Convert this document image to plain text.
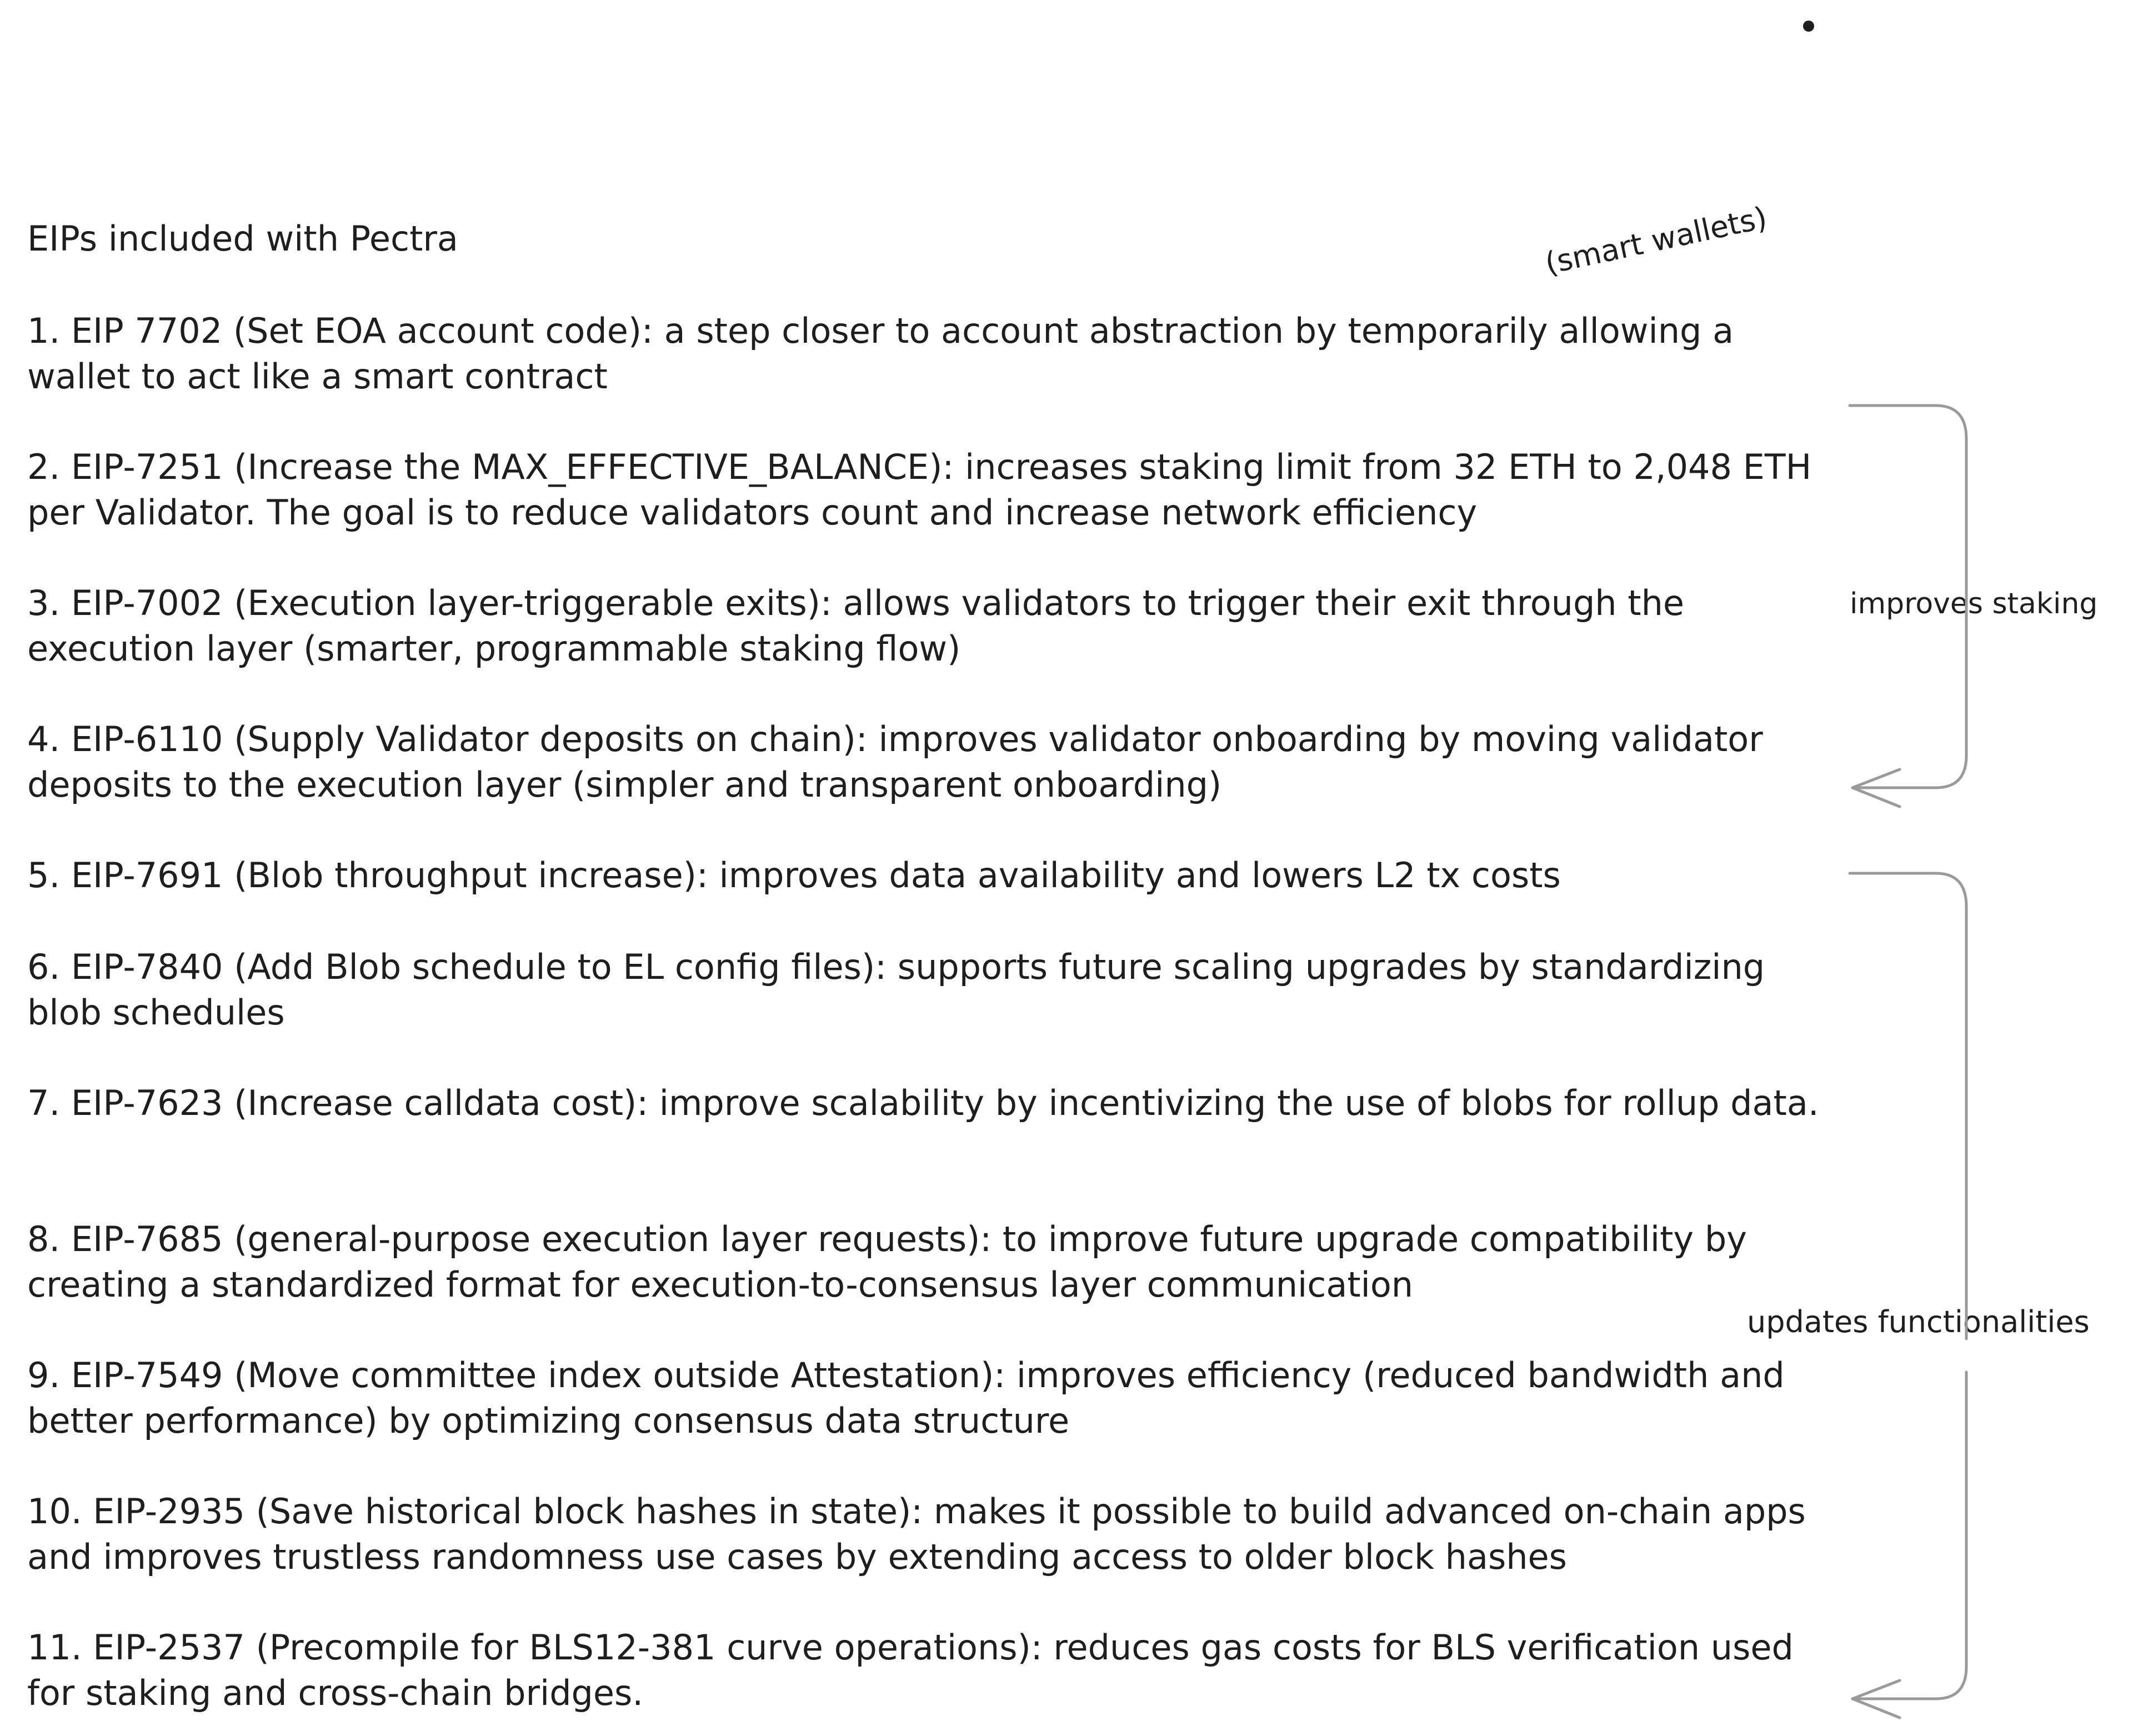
EIPs included with Pectra

1. EIP 7702 (Set EOA account code): a step closer to account abstraction by temporarily allowing a wallet to act like a smart contract

2. EIP-7251 (Increase the MAX_EFFECTIVE_BALANCE): increases staking limit from 32 ETH to 2,048 ETH per Validator. The goal is to reduce validators count and increase network efficiency

3. EIP-7002 (Execution layer-triggerable exits): allows validators to trigger their exit through the execution layer (smarter, programmable staking flow)

4. EIP-6110 (Supply Validator deposits on chain): improves validator onboarding by moving validator deposits to the execution layer (simpler and transparent onboarding)

5. EIP-7691 (Blob throughput increase): improves data availability and lowers L2 tx costs

6. EIP-7840 (Add Blob schedule to EL config files): supports future scaling upgrades by standardizing blob schedules

7. EIP-7623 (Increase calldata cost): improve scalability by incentivizing the use of blobs for rollup data.

8. EIP-7685 (general-purpose execution layer requests): to improve future upgrade compatibility by creating a standardized format for execution-to-consensus layer communication

9. EIP-7549 (Move committee index outside Attestation): improves efficiency (reduced bandwidth and better performance) by optimizing consensus data structure

10. EIP-2935 (Save historical block hashes in state): makes it possible to build advanced on-chain apps and improves trustless randomness use cases by extending access to older block hashes

11. EIP-2537 (Precompile for BLS12-381 curve operations): reduces gas costs for BLS verification used for staking and cross-chain bridges.

(smart wallets)
improves staking
updates functionalities
